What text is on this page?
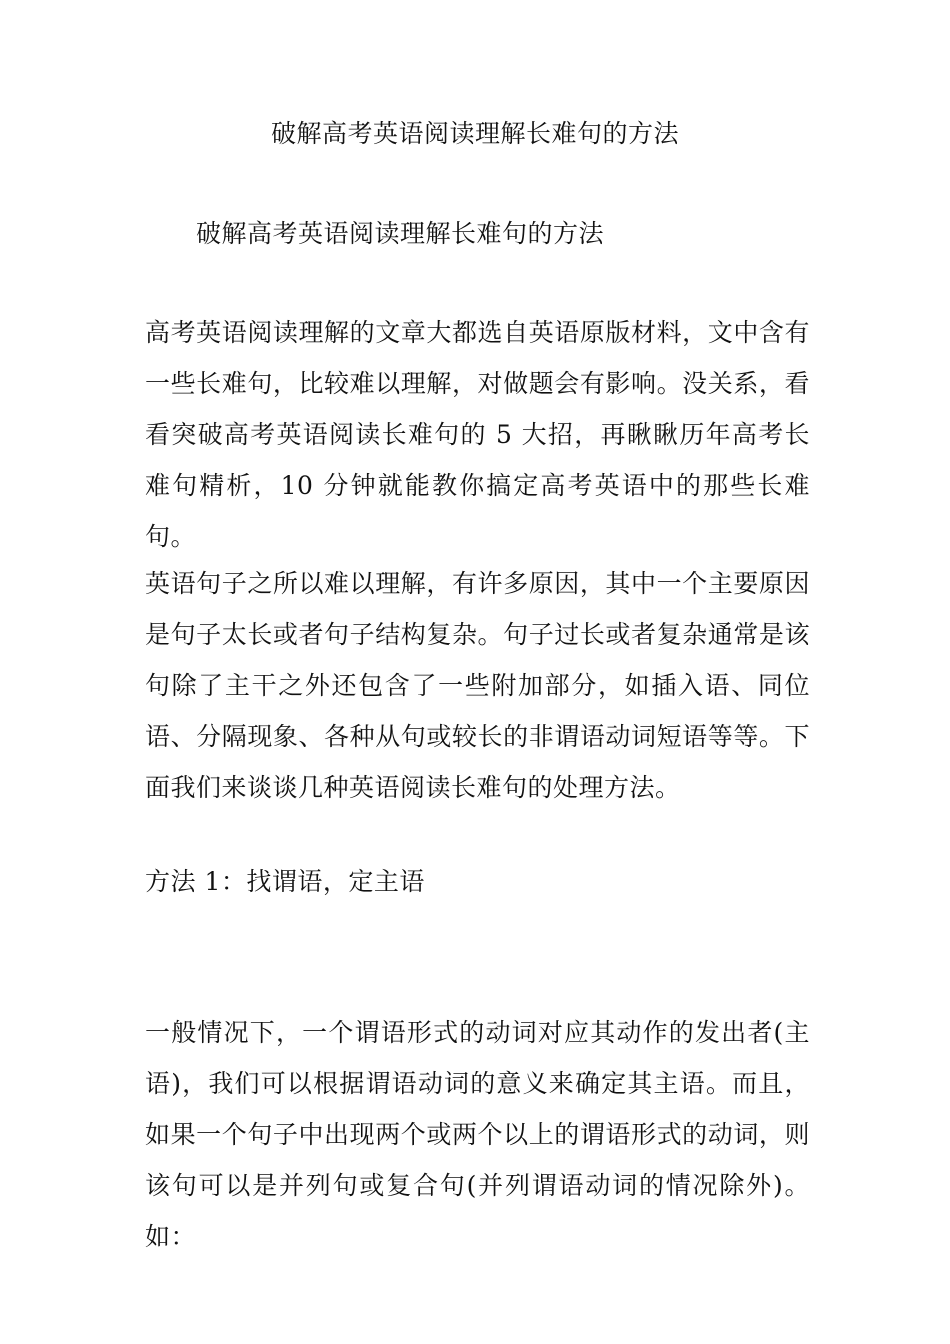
破解高考英语阅读理解长难句的方法
破解高考英语阅读理解长难句的方法

高考英语阅读理解的文章大都选自英语原版材料，文中含有一些长难句，比较难以理解，对做题会有影响。没关系，看看突破高考英语阅读长难句的 5 大招，再瞅瞅历年高考长难句精析，10 分钟就能教你搞定高考英语中的那些长难句。

英语句子之所以难以理解，有许多原因，其中一个主要原因是句子太长或者句子结构复杂。句子过长或者复杂通常是该句除了主干之外还包含了一些附加部分，如插入语、同位语、分隔现象、各种从句或较长的非谓语动词短语等等。下面我们来谈谈几种英语阅读长难句的处理方法。

方法 1：找谓语，定主语

一般情况下，一个谓语形式的动词对应其动作的发出者(主语)，我们可以根据谓语动词的意义来确定其主语。而且，如果一个句子中出现两个或两个以上的谓语形式的动词，则该句可以是并列句或复合句(并列谓语动词的情况除外)。如：
